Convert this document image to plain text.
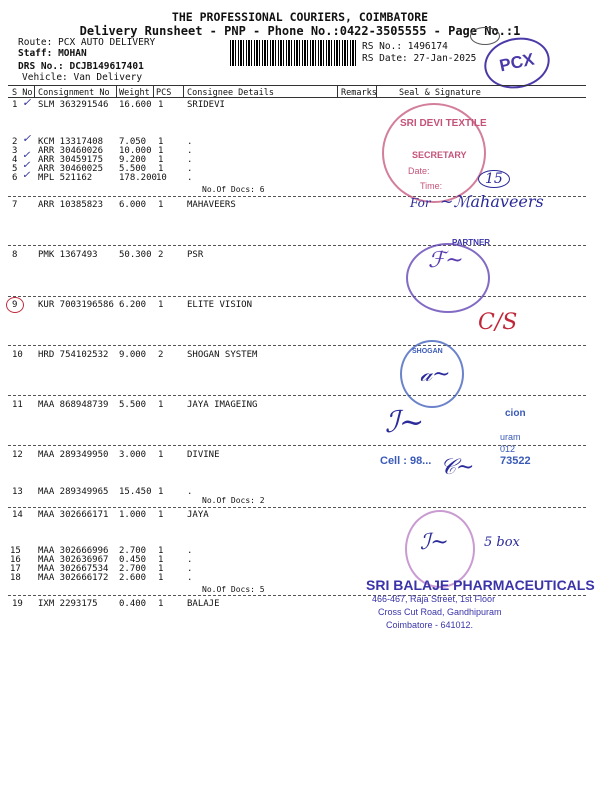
THE PROFESSIONAL COURIERS, COIMBATORE
Delivery Runsheet - PNP - Phone No.:0422-3505555 - Page No.:1
Route: PCX AUTO DELIVERY
Staff: MOHAN
DRS No.: DCJB149617401
Vehicle: Van Delivery
RS No.: 1496174
RS Date: 27-Jan-2025	PCX
S No Consignment No Weight PCS Consignee Details	Remarks	Seal & Signature
1 SLM 363291546 16.600 1	SRIDEVI
2 KCM 13317408 7.050 1	.
3 ARR 30460026 10.000 1	.
4 ARR 30459175 9.200 1	.
5 ARR 30460025 5.500 1	.
6 MPL 521162	178.200 10 .
No.Of Docs: 6
7 ARR 10385823 6.000 1	MAHAVEERS
8 PMK 1367493 50.300 2	PSR
9 KUR 7003196586 6.200 1	ELITE VISION
10 HRD 754102532 9.000 2	SHOGAN SYSTEM
11 MAA 868948739 5.500 1	JAYA IMAGEING
12 MAA 289349950 3.000 1	DIVINE
13 MAA 289349965 15.450 1	.
No.Of Docs: 2
14 MAA 302666171 1.000 1	JAYA
15 MAA 302666996 2.700 1	.
16 MAA 302636967 0.450 1	.
17 MAA 302667534 2.700 1	.
18 MAA 302666172 2.600 1	.
No.Of Docs: 5
19 IXM 2293175 0.400 1	BALAJE
✓
✓
✓
✓
✓
SRI DEVI TEXTILE
SECRETARY
Date:
Time:	15
For ~ℳahaveers
PARTNER
ℱ~
C/S
SHOGAN
𝒶~
cion
uram
012
Cell : 98...	73522
ℐ~
𝒞~
ℐ~	5 box
SRI BALAJE PHARMACEUTICALS
466-467, Raja Street, 1st Floor
Cross Cut Road, Gandhipuram
Coimbatore - 641012.
